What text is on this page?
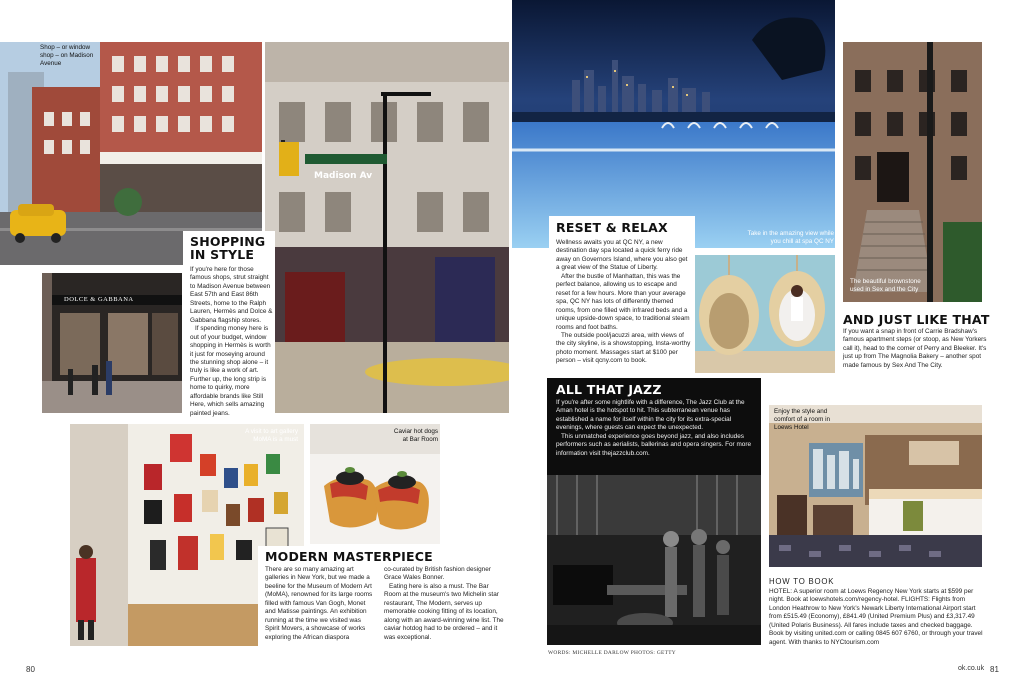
DOLCE & GABBANA
Madison Av
Shop – or window shop – on Madison Avenue
SHOPPING IN STYLE

If you're here for those famous shops, strut straight to Madison Avenue between East 57th and East 86th Streets, home to the Ralph Lauren, Hermès and Dolce & Gabbana flagship stores.

If spending money here is out of your budget, window shopping in Hermès is worth it just for moseying around the stunning shop alone – it truly is like a work of art. Further up, the long strip is home to quirky, more affordable brands like Still Here, which sells amazing painted jeans.

A visit to art gallery MoMA is a must
Caviar hot dogs at Bar Room
MODERN MASTERPIECE

There are so many amazing art galleries in New York, but we made a beeline for the Museum of Modern Art (MoMA), renowned for its large rooms filled with famous Van Gogh, Monet and Matisse paintings. An exhibition running at the time we visited was Spirit Movers, a showcase of works exploring the African diaspora

co-curated by British fashion designer Grace Wales Bonner.

Eating here is also a must. The Bar Room at the museum's two Michelin star restaurant, The Modern, serves up memorable cooking fitting of its location, along with an award-winning wine list. The caviar hotdog had to be ordered – and it was exceptional.

80
Take in the amazing view while you chill at spa QC NY
The beautiful brownstone used in Sex and the City
RESET & RELAX

Wellness awaits you at QC NY, a new destination day spa located a quick ferry ride away on Governors Island, where you also get a great view of the Statue of Liberty.

After the bustle of Manhattan, this was the perfect balance, allowing us to escape and reset for a few hours. More than your average spa, QC NY has lots of differently themed rooms, from one filled with infrared beds and a unique upside-down space, to traditional steam rooms and foot baths.

The outside pool/jacuzzi area, with views of the city skyline, is a showstopping, Insta-worthy photo moment. Massages start at $100 per person – visit qcny.com to book.

AND JUST LIKE THAT
If you want a snap in front of Carrie Bradshaw's famous apartment steps (or stoop, as New Yorkers call it), head to the corner of Perry and Bleeker. It's just up from The Magnolia Bakery – another spot made famous by Sex And The City.
ALL THAT JAZZ

If you're after some nightlife with a difference, The Jazz Club at the Aman hotel is the hotspot to hit. This subterranean venue has established a name for itself within the city for its extra-special evenings, where guests can expect the unexpected.

This unmatched experience goes beyond jazz, and also includes performers such as aerialists, ballerinas and opera singers. For more information visit thejazzclub.com.

WORDS: MICHELLE DARLOW PHOTOS: GETTY
Enjoy the style and comfort of a room in Loews Hotel
HOW TO BOOK
HOTEL: A superior room at Loews Regency New York starts at $599 per night. Book at loewshotels.com/regency-hotel. FLIGHTS: Flights from London Heathrow to New York's Newark Liberty International Airport start from £515.49 (Economy), £841.49 (United Premium Plus) and £3,317.49 (United Polaris Business). All fares include taxes and checked baggage. Book by visiting united.com or calling 0845 607 6760, or through your travel agent. With thanks to NYCtourism.com
ok.co.uk 81
